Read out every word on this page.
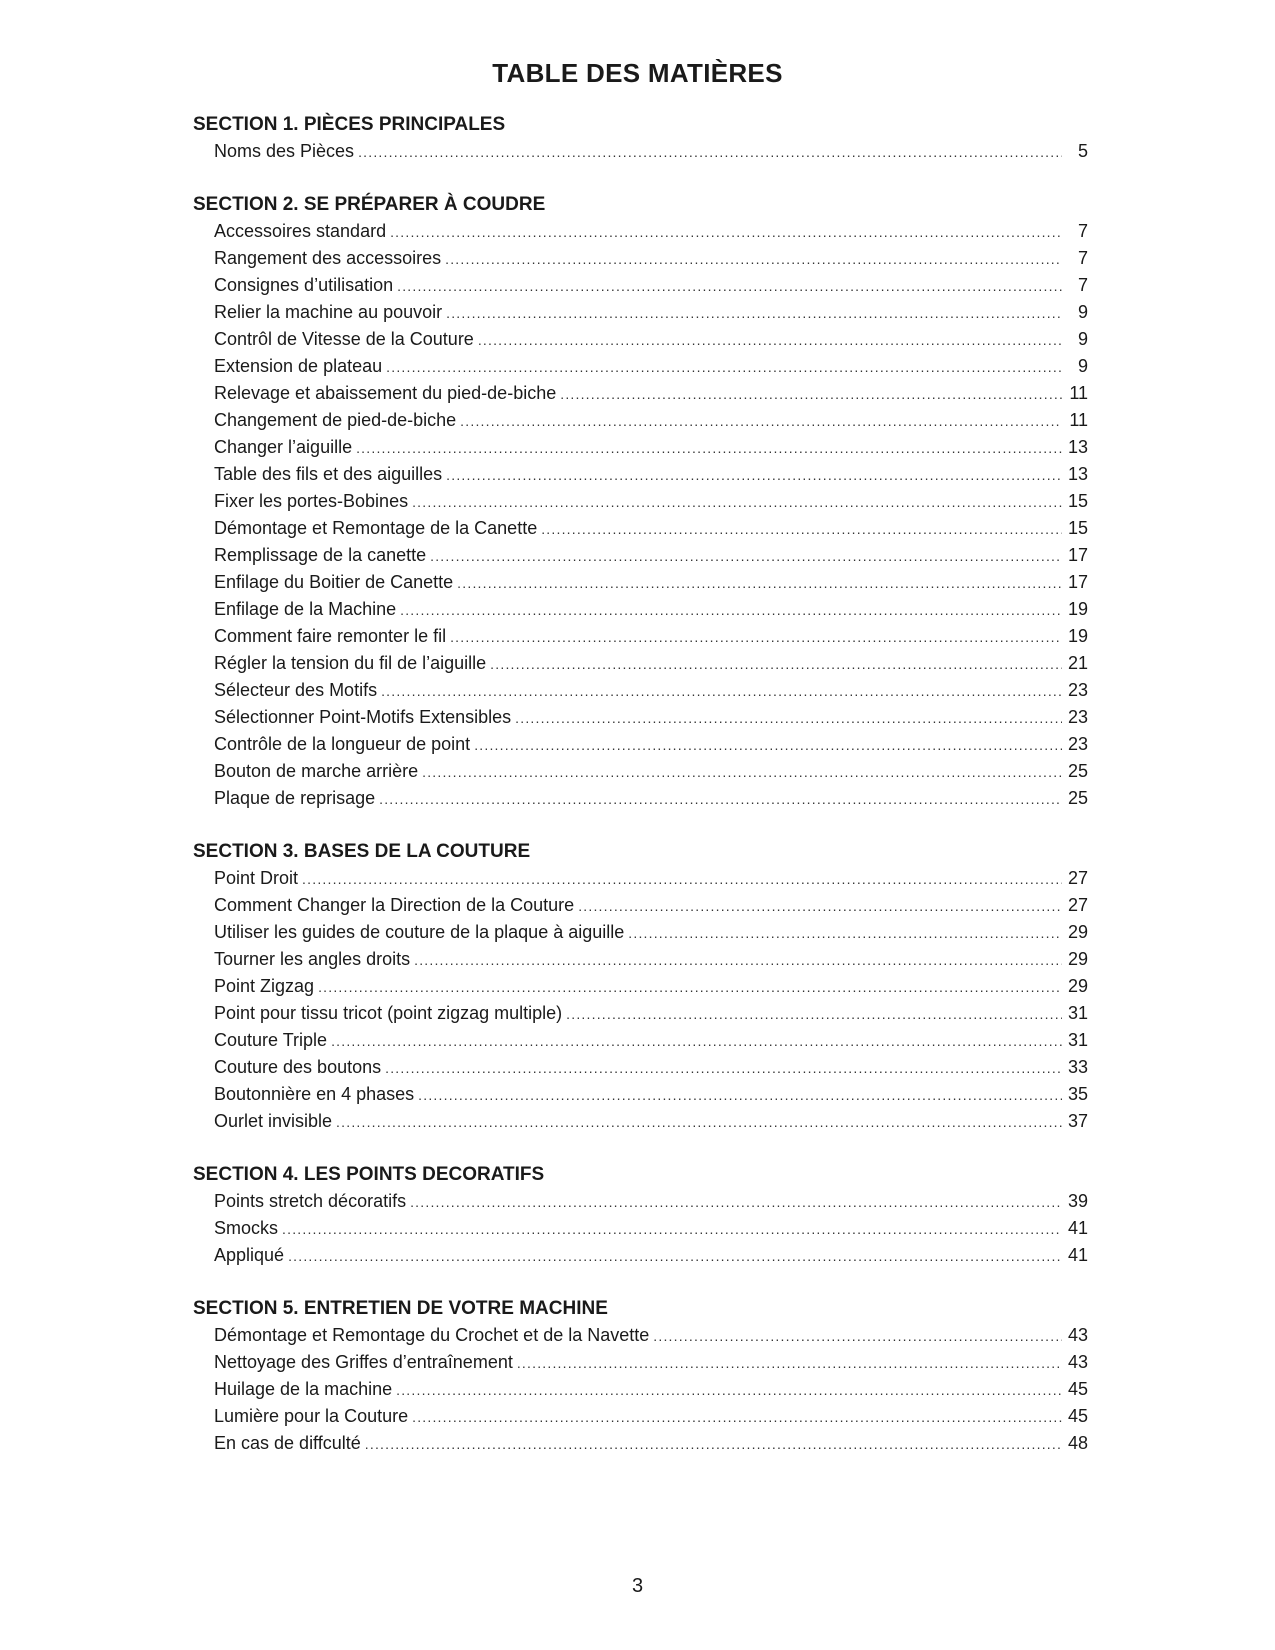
TABLE DES MATIÈRES
SECTION 1. PIÈCES PRINCIPALES
Noms des Pièces .....	5
SECTION 2. SE PRÉPARER À COUDRE
Accessoires standard .....	7
Rangement des accessoires .....	7
Consignes d’utilisation .....	7
Relier la machine au pouvoir .....	9
Contrôl de Vitesse de la Couture .....	9
Extension de plateau .....	9
Relevage et abaissement du pied-de-biche .....	11
Changement de pied-de-biche .....	11
Changer l’aiguille .....	13
Table des fils et des aiguilles .....	13
Fixer les portes-Bobines .....	15
Démontage et Remontage de la Canette .....	15
Remplissage de la canette .....	17
Enfilage du Boitier de Canette .....	17
Enfilage de la Machine .....	19
Comment faire remonter le fil .....	19
Régler la tension du fil de l’aiguille .....	21
Sélecteur des Motifs .....	23
Sélectionner Point-Motifs Extensibles .....	23
Contrôle de la longueur de point .....	23
Bouton de marche arrière .....	25
Plaque de reprisage .....	25
SECTION 3. BASES DE LA COUTURE
Point Droit .....	27
Comment Changer la Direction de la Couture .....	27
Utiliser les guides de couture de la plaque à aiguille .....	29
Tourner les angles droits .....	29
Point Zigzag .....	29
Point pour tissu tricot (point zigzag multiple) .....	31
Couture Triple .....	31
Couture des boutons .....	33
Boutonnière en 4 phases .....	35
Ourlet invisible .....	37
SECTION 4. LES POINTS DECORATIFS
Points stretch décoratifs .....	39
Smocks .....	41
Appliqué .....	41
SECTION 5. ENTRETIEN DE VOTRE MACHINE
Démontage et Remontage du Crochet et de la Navette .....	43
Nettoyage des Griffes d’entraînement .....	43
Huilage de la machine .....	45
Lumière pour la Couture .....	45
En cas de diffculté .....	48
3
